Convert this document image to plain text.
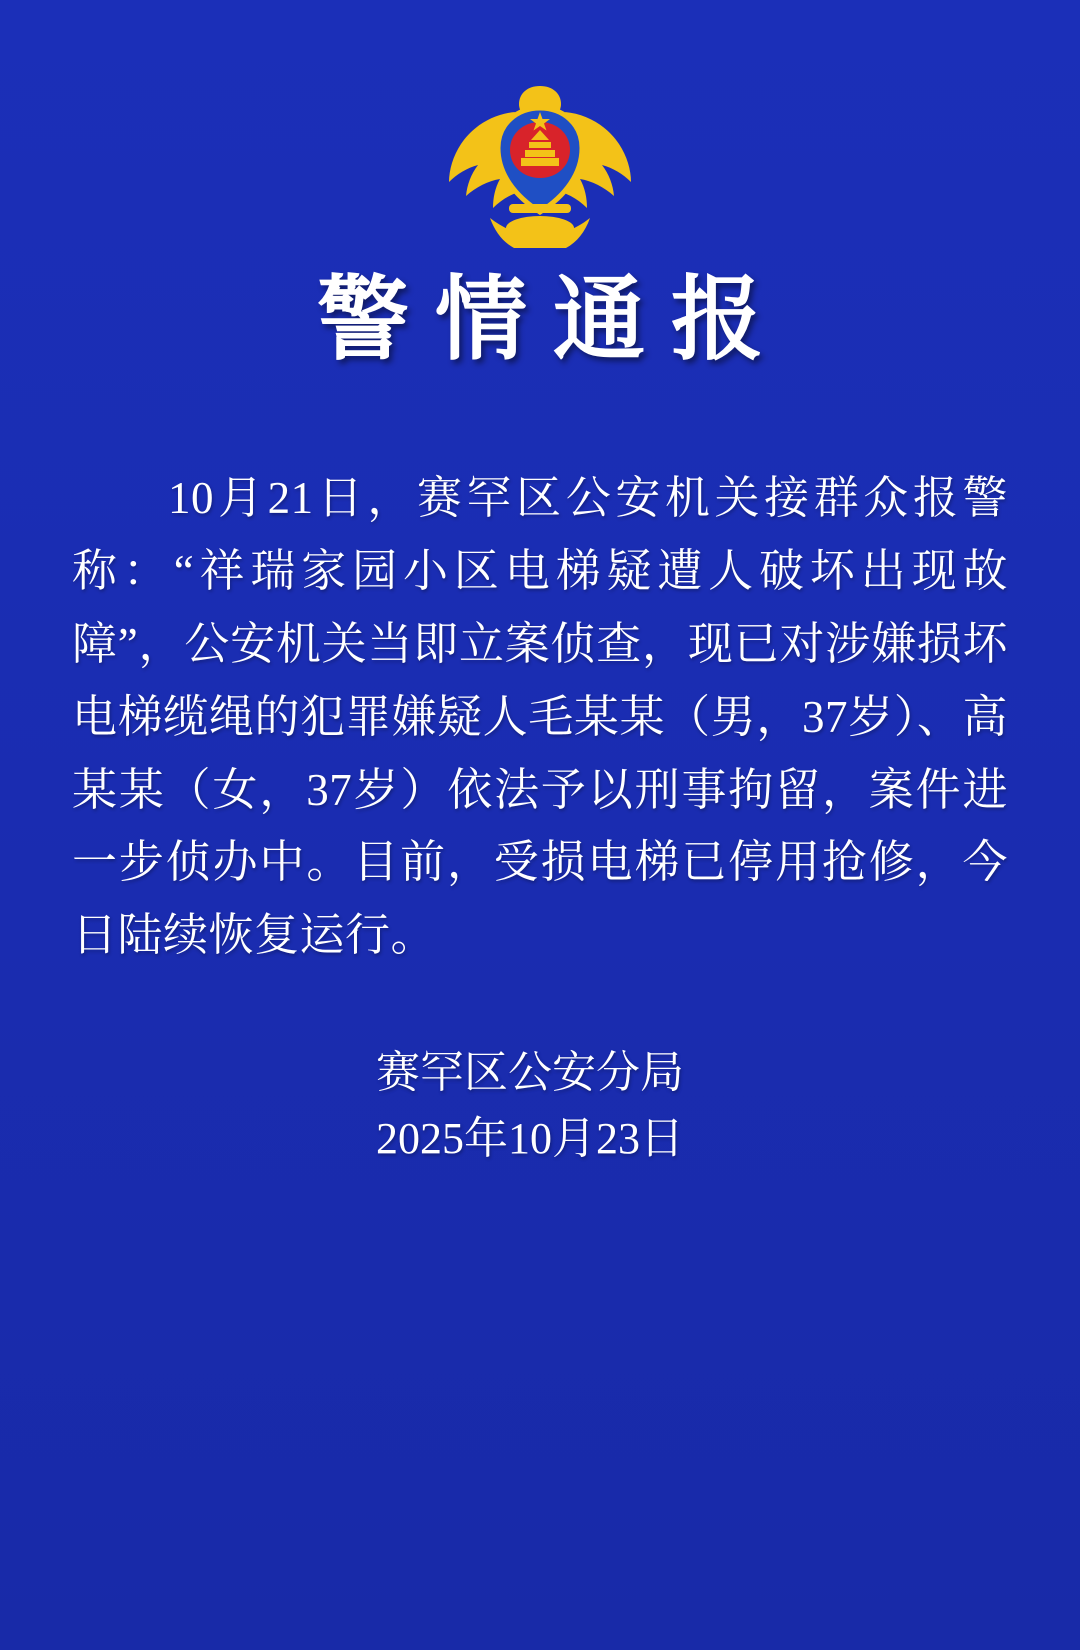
警情通报
10月21日，赛罕区公安机关接群众报警称：“祥瑞家园小区电梯疑遭人破坏出现故障”，公安机关当即立案侦查，现已对涉嫌损坏电梯缆绳的犯罪嫌疑人毛某某（男，37岁）、高某某（女，37岁）依法予以刑事拘留，案件进一步侦办中。目前，受损电梯已停用抢修，今日陆续恢复运行。
赛罕区公安分局
2025年10月23日
